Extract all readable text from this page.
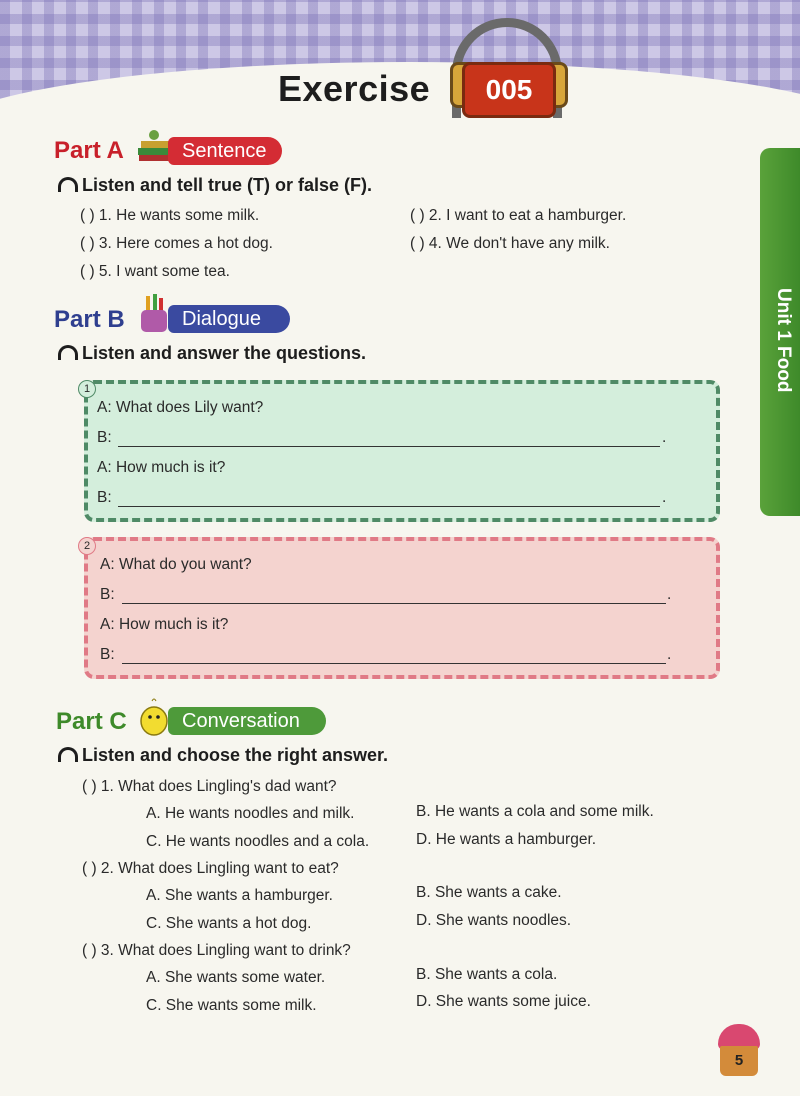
Exercise	005
Unit 1 Food
Part A	Sentence
Listen and tell true (T) or false (F).
( ) 1. He wants some milk.	( ) 2. I want to eat a hamburger.
( ) 3. Here comes a hot dog.	( ) 4. We don't have any milk.
( ) 5. I want some tea.
Part B	Dialogue
Listen and answer the questions.
1
A: What does Lily want?
B:	.
A: How much is it?
B:	.
2
A: What do you want?
B:	.
A: How much is it?
B:	.
Part C	Conversation
Listen and choose the right answer.
( ) 1. What does Lingling's dad want?
A. He wants noodles and milk.	B. He wants a cola and some milk.
C. He wants noodles and a cola.	D. He wants a hamburger.
( ) 2. What does Lingling want to eat?
A. She wants a hamburger.	B. She wants a cake.
C. She wants a hot dog.	D. She wants noodles.
( ) 3. What does Lingling want to drink?
A. She wants some water.	B. She wants a cola.
C. She wants some milk.	D. She wants some juice.
5
